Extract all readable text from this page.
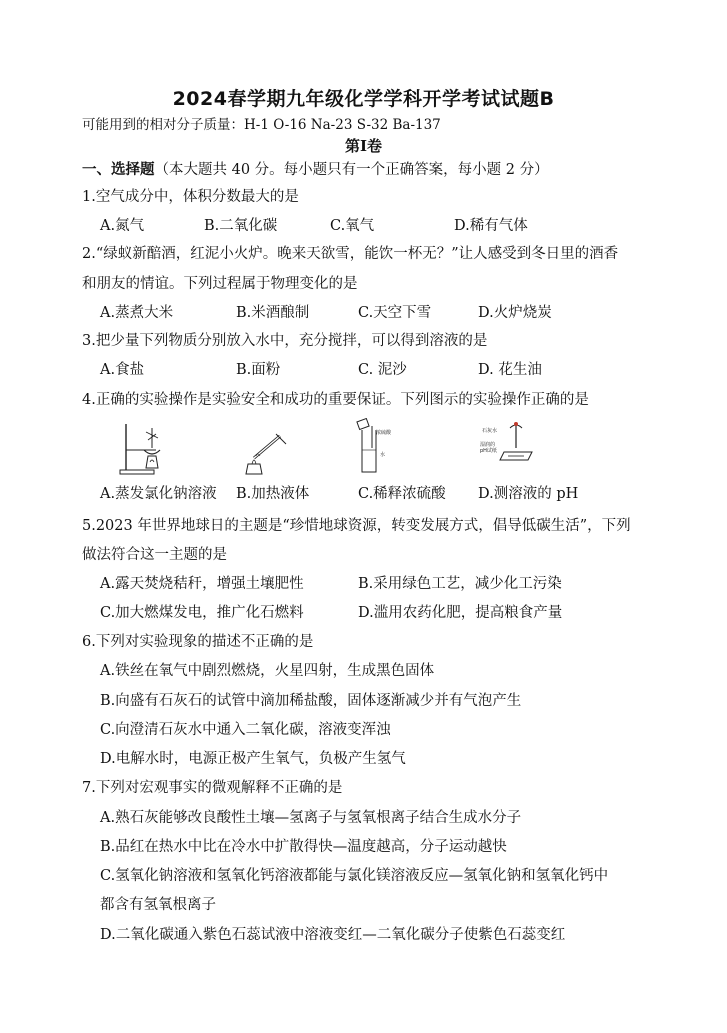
2024春学期九年级化学学科开学考试试题B
可能用到的相对分子质量：H-1 O-16 Na-23 S-32 Ba-137
第Ⅰ卷
一、选择题（本大题共 40 分。每小题只有一个正确答案，每小题 2 分）
1.空气成分中，体积分数最大的是
A.氮气	B.二氧化碳	C.氧气	D.稀有气体
2.“绿蚁新醅酒，红泥小火炉。晚来天欲雪，能饮一杯无？”让人感受到冬日里的酒香
和朋友的情谊。下列过程属于物理变化的是
A.蒸煮大米	B.米酒酿制	C.天空下雪	D.火炉烧炭
3.把少量下列物质分别放入水中，充分搅拌，可以得到溶液的是
A.食盐	B.面粉	C. 泥沙	D. 花生油
4.正确的实验操作是实验安全和成功的重要保证。下列图示的实验操作正确的是
浓硫酸
水
石灰水
湿润的
pH试纸
A.蒸发氯化钠溶液 B.加热液体	C.稀释浓硫酸 D.测溶液的 pH
5.2023 年世界地球日的主题是“珍惜地球资源，转变发展方式，倡导低碳生活”，下列
做法符合这一主题的是
A.露天焚烧秸秆，增强土壤肥性	B.采用绿色工艺，减少化工污染
C.加大燃煤发电，推广化石燃料	D.滥用农药化肥，提高粮食产量
6.下列对实验现象的描述不正确的是
A.铁丝在氧气中剧烈燃烧，火星四射，生成黑色固体
B.向盛有石灰石的试管中滴加稀盐酸，固体逐渐减少并有气泡产生
C.向澄清石灰水中通入二氧化碳，溶液变浑浊
D.电解水时，电源正极产生氧气，负极产生氢气
7.下列对宏观事实的微观解释不正确的是
A.熟石灰能够改良酸性土壤—氢离子与氢氧根离子结合生成水分子
B.品红在热水中比在冷水中扩散得快—温度越高，分子运动越快
C.氢氧化钠溶液和氢氧化钙溶液都能与氯化镁溶液反应—氢氧化钠和氢氧化钙中
都含有氢氧根离子
D.二氧化碳通入紫色石蕊试液中溶液变红—二氧化碳分子使紫色石蕊变红
